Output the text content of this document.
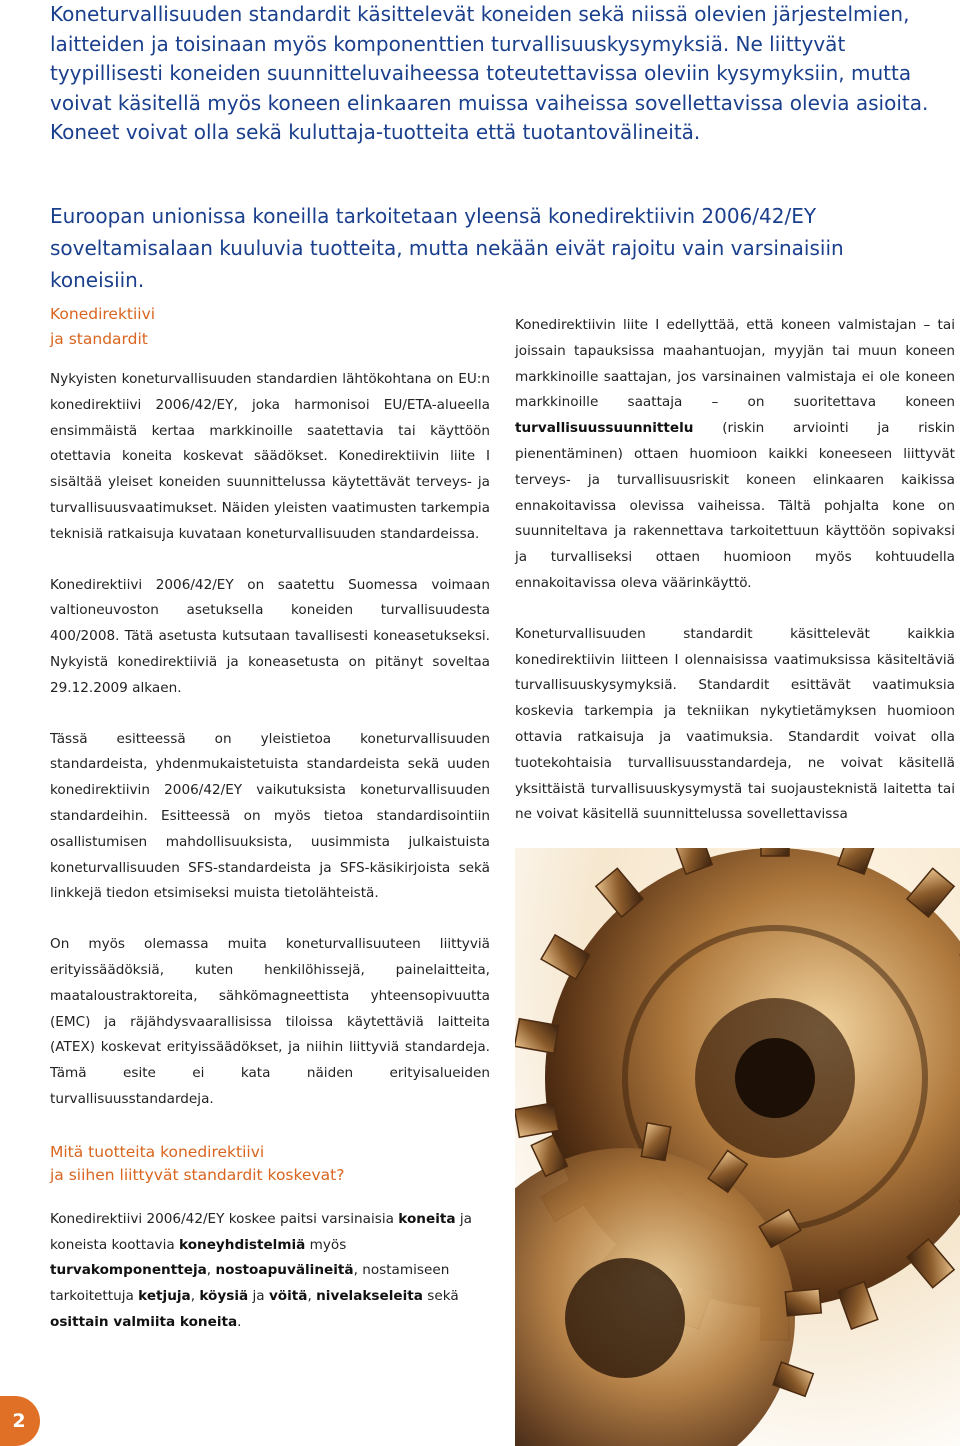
Koneturvallisuuden standardit käsittelevät koneiden sekä niissä olevien järjestelmien, laitteiden ja toisinaan myös komponenttien turvallisuuskysymyksiä. Ne liittyvät tyypillisesti koneiden suunnitteluvaiheessa toteutettavissa oleviin kysymyksiin, mutta voivat käsitellä myös koneen elinkaaren muissa vaiheissa sovellettavissa olevia asioita.
Koneet voivat olla sekä kuluttaja-tuotteita että tuotantovälineitä.

Euroopan unionissa koneilla tarkoitetaan yleensä konedirektiivin 2006/42/EY soveltamisalaan kuuluvia tuotteita, mutta nekään eivät rajoitu vain varsinaisiin koneisiin.

Konedirektiivi
ja standardit

Nykyisten koneturvallisuuden standardien lähtökohtana on EU:n konedirektiivi 2006/42/EY, joka harmonisoi EU/ETA-alueella ensimmäistä kertaa markkinoille saatettavia tai käyttöön otettavia koneita koskevat säädökset. Konedirektiivin liite I sisältää yleiset koneiden suunnittelussa käytettävät terveys- ja turvallisuusvaatimukset. Näiden yleisten vaatimusten tarkempia teknisiä ratkaisuja kuvataan koneturvallisuuden standardeissa.

Konedirektiivi 2006/42/EY on saatettu Suomessa voimaan valtioneuvoston asetuksella koneiden turvallisuudesta 400/2008. Tätä asetusta kutsutaan tavallisesti koneasetukseksi. Nykyistä konedirektiiviä ja koneasetusta on pitänyt soveltaa 29.12.2009 alkaen.

Tässä esitteessä on yleistietoa koneturvallisuuden standardeista, yhdenmukaistetuista standardeista sekä uuden konedirektiivin 2006/42/EY vaikutuksista koneturvallisuuden standardeihin. Esitteessä on myös tietoa standardisointiin osallistumisen mahdollisuuksista, uusimmista julkaistuista koneturvallisuuden SFS-standardeista ja SFS-käsikirjoista sekä linkkejä tiedon etsimiseksi muista tietolähteistä.

On myös olemassa muita koneturvallisuuteen liittyviä erityissäädöksiä, kuten henkilöhissejä, painelaitteita, maataloustraktoreita, sähkömagneettista yhteensopivuutta (EMC) ja räjähdysvaarallisissa tiloissa käytettäviä laitteita (ATEX) koskevat erityissäädökset, ja niihin liittyviä standardeja. Tämä esite ei kata näiden erityisalueiden turvallisuusstandardeja.

Mitä tuotteita konedirektiivi
ja siihen liittyvät standardit koskevat?

Konedirektiivi 2006/42/EY koskee paitsi varsinaisia koneita ja koneista koottavia koneyhdistelmiä myös turvakomponentteja, nostoapuvälineitä, nostamiseen tarkoitettuja ketjuja, köysiä ja vöitä, nivelakseleita sekä osittain valmiita koneita.

Konedirektiivin liite I edellyttää, että koneen valmistajan – tai joissain tapauksissa maahantuojan, myyjän tai muun koneen markkinoille saattajan, jos varsinainen valmistaja ei ole koneen markkinoille saattaja – on suoritettava koneen turvallisuussuunnittelu (riskin arviointi ja riskin pienentäminen) ottaen huomioon kaikki koneeseen liittyvät terveys- ja turvallisuusriskit koneen elinkaaren kaikissa ennakoitavissa olevissa vaiheissa. Tältä pohjalta kone on suunniteltava ja rakennettava tarkoitettuun käyttöön sopivaksi ja turvalliseksi ottaen huomioon myös kohtuudella ennakoitavissa oleva väärinkäyttö.

Koneturvallisuuden standardit käsittelevät kaikkia konedirektiivin liitteen I olennaisissa vaatimuksissa käsiteltäviä turvallisuuskysymyksiä. Standardit esittävät vaatimuksia koskevia tarkempia ja tekniikan nykytietämyksen huomioon ottavia ratkaisuja ja vaatimuksia. Standardit voivat olla tuotekohtaisia turvallisuusstandardeja, ne voivat käsitellä yksittäistä turvallisuuskysymystä tai suojausteknistä laitetta tai ne voivat käsitellä suunnittelussa sovellettavissa

2
